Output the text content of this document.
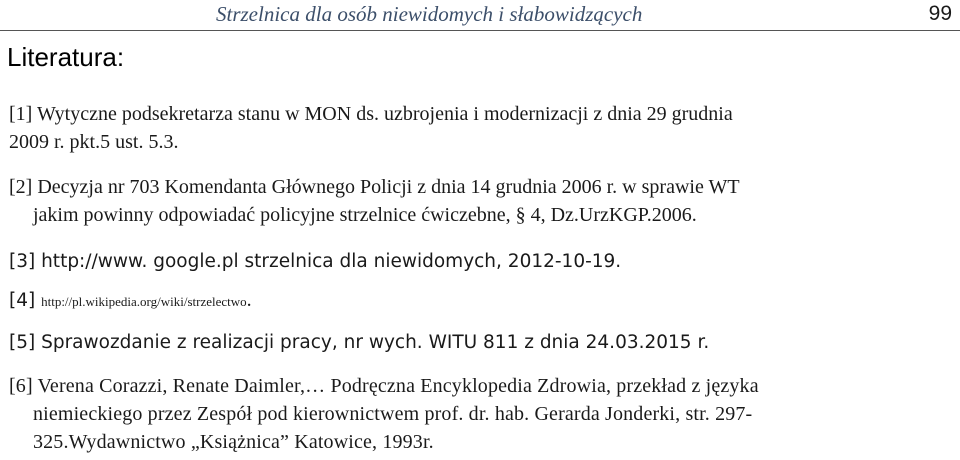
Strzelnica dla osób niewidomych i słabowidzących	99
Literatura:
[1] Wytyczne podsekretarza stanu w MON ds. uzbrojenia i modernizacji z dnia 29 grudnia
2009 r. pkt.5 ust. 5.3.
[2] Decyzja nr 703 Komendanta Głównego Policji z dnia 14 grudnia 2006 r. w sprawie WT
jakim powinny odpowiadać policyjne strzelnice ćwiczebne, § 4, Dz.UrzKGP.2006.
[3] http://www. google.pl strzelnica dla niewidomych, 2012-10-19.
[4] http://pl.wikipedia.org/wiki/strzelectwo.
[5] Sprawozdanie z realizacji pracy, nr wych. WITU 811 z dnia 24.03.2015 r.
[6] Verena Corazzi, Renate Daimler,… Podręczna Encyklopedia Zdrowia, przekład z języka
niemieckiego przez Zespół pod kierownictwem prof. dr. hab. Gerarda Jonderki, str. 297-
325.Wydawnictwo „Książnica” Katowice, 1993r.
